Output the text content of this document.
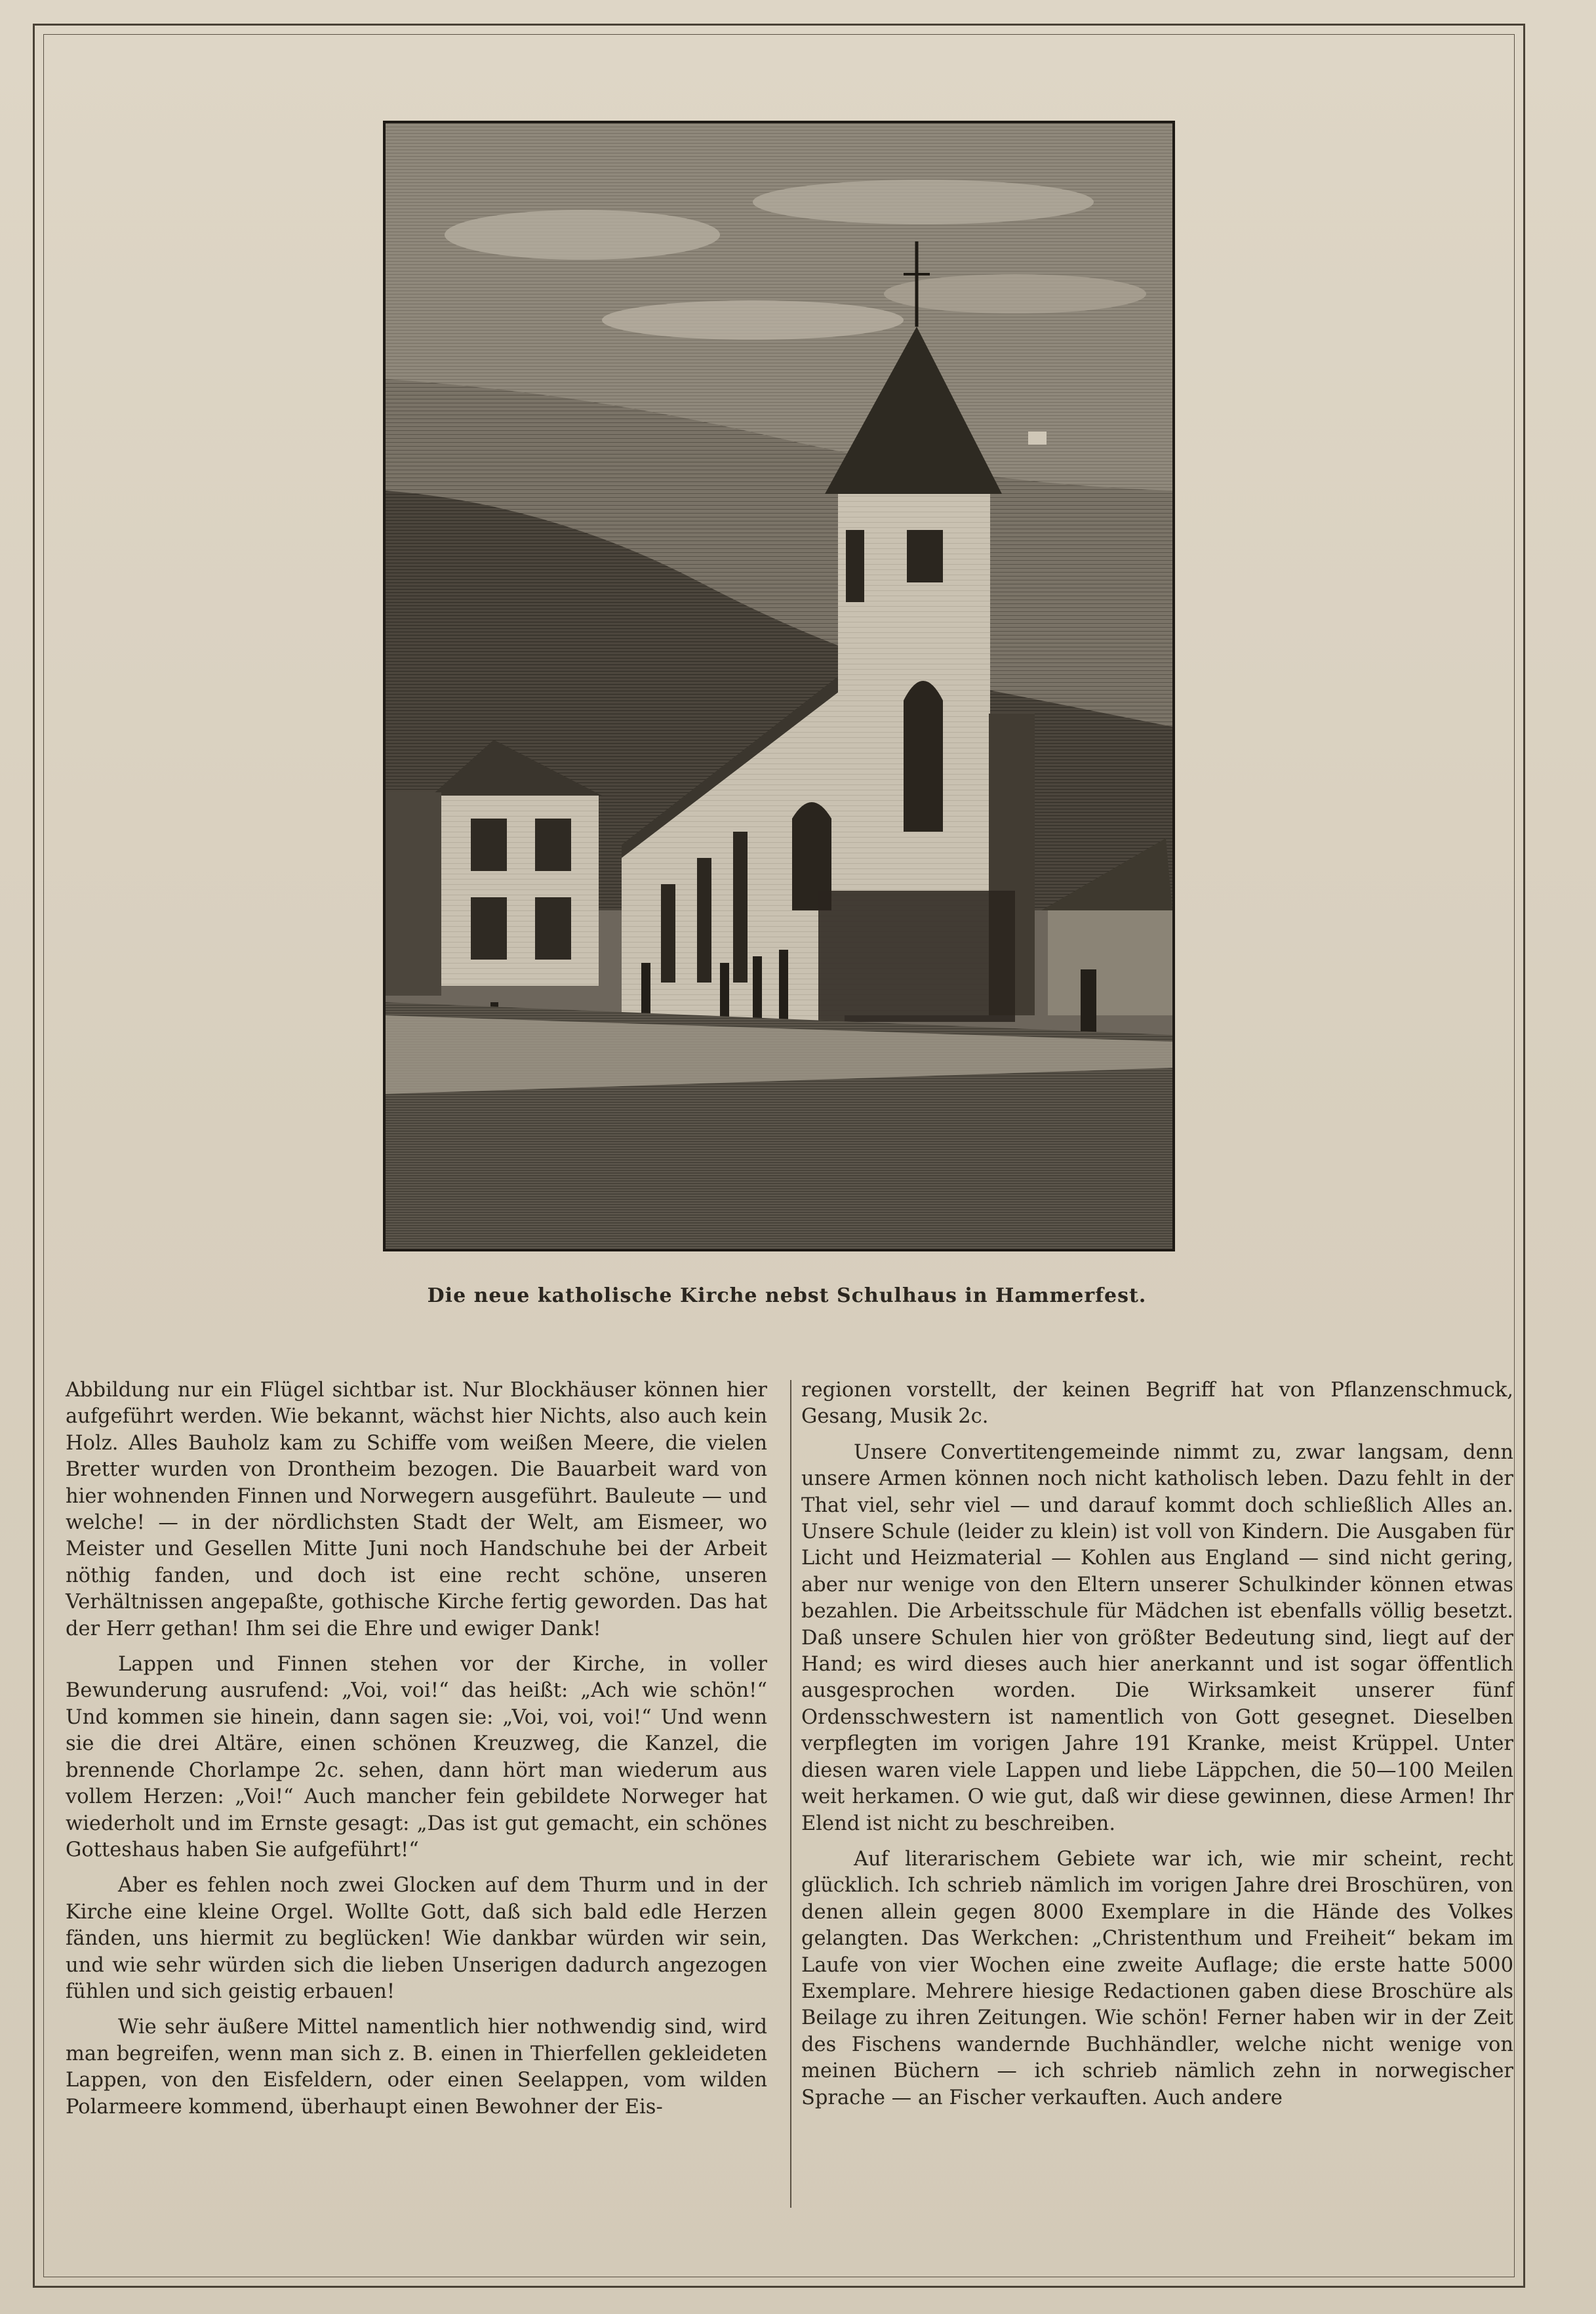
Die neue katholische Kirche nebst Schulhaus in Hammerfest.

Abbildung nur ein Flügel sichtbar ist. Nur Blockhäuser können hier aufgeführt werden. Wie bekannt, wächst hier Nichts, also auch kein Holz. Alles Bauholz kam zu Schiffe vom weißen Meere, die vielen Bretter wurden von Drontheim bezogen. Die Bauarbeit ward von hier wohnenden Finnen und Norwegern ausgeführt. Bauleute — und welche! — in der nördlichsten Stadt der Welt, am Eismeer, wo Meister und Gesellen Mitte Juni noch Handschuhe bei der Arbeit nöthig fanden, und doch ist eine recht schöne, unseren Verhältnissen angepaßte, gothische Kirche fertig geworden. Das hat der Herr gethan! Ihm sei die Ehre und ewiger Dank!

Lappen und Finnen stehen vor der Kirche, in voller Bewunderung ausrufend: „Voi, voi!“ das heißt: „Ach wie schön!“ Und kommen sie hinein, dann sagen sie: „Voi, voi, voi!“ Und wenn sie die drei Altäre, einen schönen Kreuzweg, die Kanzel, die brennende Chorlampe 2c. sehen, dann hört man wiederum aus vollem Herzen: „Voi!“ Auch mancher fein gebildete Norweger hat wiederholt und im Ernste gesagt: „Das ist gut gemacht, ein schönes Gotteshaus haben Sie aufgeführt!“

Aber es fehlen noch zwei Glocken auf dem Thurm und in der Kirche eine kleine Orgel. Wollte Gott, daß sich bald edle Herzen fänden, uns hiermit zu beglücken! Wie dankbar würden wir sein, und wie sehr würden sich die lieben Unserigen dadurch angezogen fühlen und sich geistig erbauen!

Wie sehr äußere Mittel namentlich hier nothwendig sind, wird man begreifen, wenn man sich z. B. einen in Thierfellen gekleideten Lappen, von den Eisfeldern, oder einen Seelappen, vom wilden Polarmeere kommend, überhaupt einen Bewohner der Eis-

regionen vorstellt, der keinen Begriff hat von Pflanzenschmuck, Gesang, Musik 2c.

Unsere Convertitengemeinde nimmt zu, zwar langsam, denn unsere Armen können noch nicht katholisch leben. Dazu fehlt in der That viel, sehr viel — und darauf kommt doch schließlich Alles an. Unsere Schule (leider zu klein) ist voll von Kindern. Die Ausgaben für Licht und Heizmaterial — Kohlen aus England — sind nicht gering, aber nur wenige von den Eltern unserer Schulkinder können etwas bezahlen. Die Arbeitsschule für Mädchen ist ebenfalls völlig besetzt. Daß unsere Schulen hier von größter Bedeutung sind, liegt auf der Hand; es wird dieses auch hier anerkannt und ist sogar öffentlich ausgesprochen worden. Die Wirksamkeit unserer fünf Ordensschwestern ist namentlich von Gott gesegnet. Dieselben verpflegten im vorigen Jahre 191 Kranke, meist Krüppel. Unter diesen waren viele Lappen und liebe Läppchen, die 50—100 Meilen weit herkamen. O wie gut, daß wir diese gewinnen, diese Armen! Ihr Elend ist nicht zu beschreiben.

Auf literarischem Gebiete war ich, wie mir scheint, recht glücklich. Ich schrieb nämlich im vorigen Jahre drei Broschüren, von denen allein gegen 8000 Exemplare in die Hände des Volkes gelangten. Das Werkchen: „Christenthum und Freiheit“ bekam im Laufe von vier Wochen eine zweite Auflage; die erste hatte 5000 Exemplare. Mehrere hiesige Redactionen gaben diese Broschüre als Beilage zu ihren Zeitungen. Wie schön! Ferner haben wir in der Zeit des Fischens wandernde Buchhändler, welche nicht wenige von meinen Büchern — ich schrieb nämlich zehn in norwegischer Sprache — an Fischer verkauften. Auch andere
